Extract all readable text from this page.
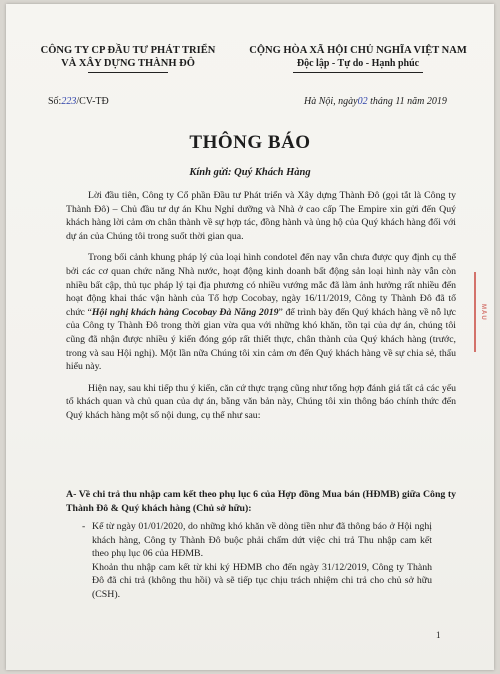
CÔNG TY CP ĐẦU TƯ PHÁT TRIỂN
VÀ XÂY DỰNG THÀNH ĐÔ
CỘNG HÒA XÃ HỘI CHỦ NGHĨA VIỆT NAM
Độc lập - Tự do - Hạnh phúc
Số:223/CV-TĐ	Hà Nội, ngày02 tháng 11 năm 2019
THÔNG BÁO
Kính gửi: Quý Khách Hàng

Lời đầu tiên, Công ty Cổ phần Đầu tư Phát triển và Xây dựng Thành Đô (gọi tắt là Công ty Thành Đô) – Chủ đầu tư dự án Khu Nghỉ dưỡng và Nhà ở cao cấp The Empire xin gửi đến Quý khách hàng lời cảm ơn chân thành về sự hợp tác, đồng hành và ủng hộ của Quý khách hàng đối với dự án của Chúng tôi trong suốt thời gian qua.

Trong bối cảnh khung pháp lý của loại hình condotel đến nay vẫn chưa được quy định cụ thể bởi các cơ quan chức năng Nhà nước, hoạt động kinh doanh bất động sản loại hình này vẫn còn nhiều bất cập, thủ tục pháp lý tại địa phương có nhiều vướng mắc đã làm ảnh hưởng rất nhiều đến hoạt động khai thác vận hành của Tổ hợp Cocobay, ngày 16/11/2019, Công ty Thành Đô đã tổ chức “Hội nghị khách hàng Cocobay Đà Nẵng 2019” để trình bày đến Quý khách hàng về nỗ lực của Công ty Thành Đô trong thời gian vừa qua với những khó khăn, tồn tại của dự án, chúng tôi cũng đã nhận được nhiều ý kiến đóng góp rất thiết thực, chân thành của Quý khách hàng (trước, trong và sau Hội nghị). Một lần nữa Chúng tôi xin cảm ơn đến Quý khách hàng về sự chia sẻ, thấu hiểu này.

Hiện nay, sau khi tiếp thu ý kiến, căn cứ thực trạng cũng như tổng hợp đánh giá tất cả các yếu tố khách quan và chủ quan của dự án, bằng văn bản này, Chúng tôi xin thông báo chính thức đến Quý khách hàng một số nội dung, cụ thể như sau:

A- Về chi trả thu nhập cam kết theo phụ lục 6 của Hợp đồng Mua bán (HĐMB) giữa Công ty Thành Đô & Quý khách hàng (Chủ sở hữu):
- Kể từ ngày 01/01/2020, do những khó khăn về dòng tiền như đã thông báo ở Hội nghị khách hàng, Công ty Thành Đô buộc phải chấm dứt việc chi trả Thu nhập cam kết theo phụ lục 06 của HĐMB.
Khoản thu nhập cam kết từ khi ký HĐMB cho đến ngày 31/12/2019, Công ty Thành Đô đã chi trả (không thu hồi) và sẽ tiếp tục chịu trách nhiệm chi trả cho chủ sở hữu (CSH).
MẪU
1
